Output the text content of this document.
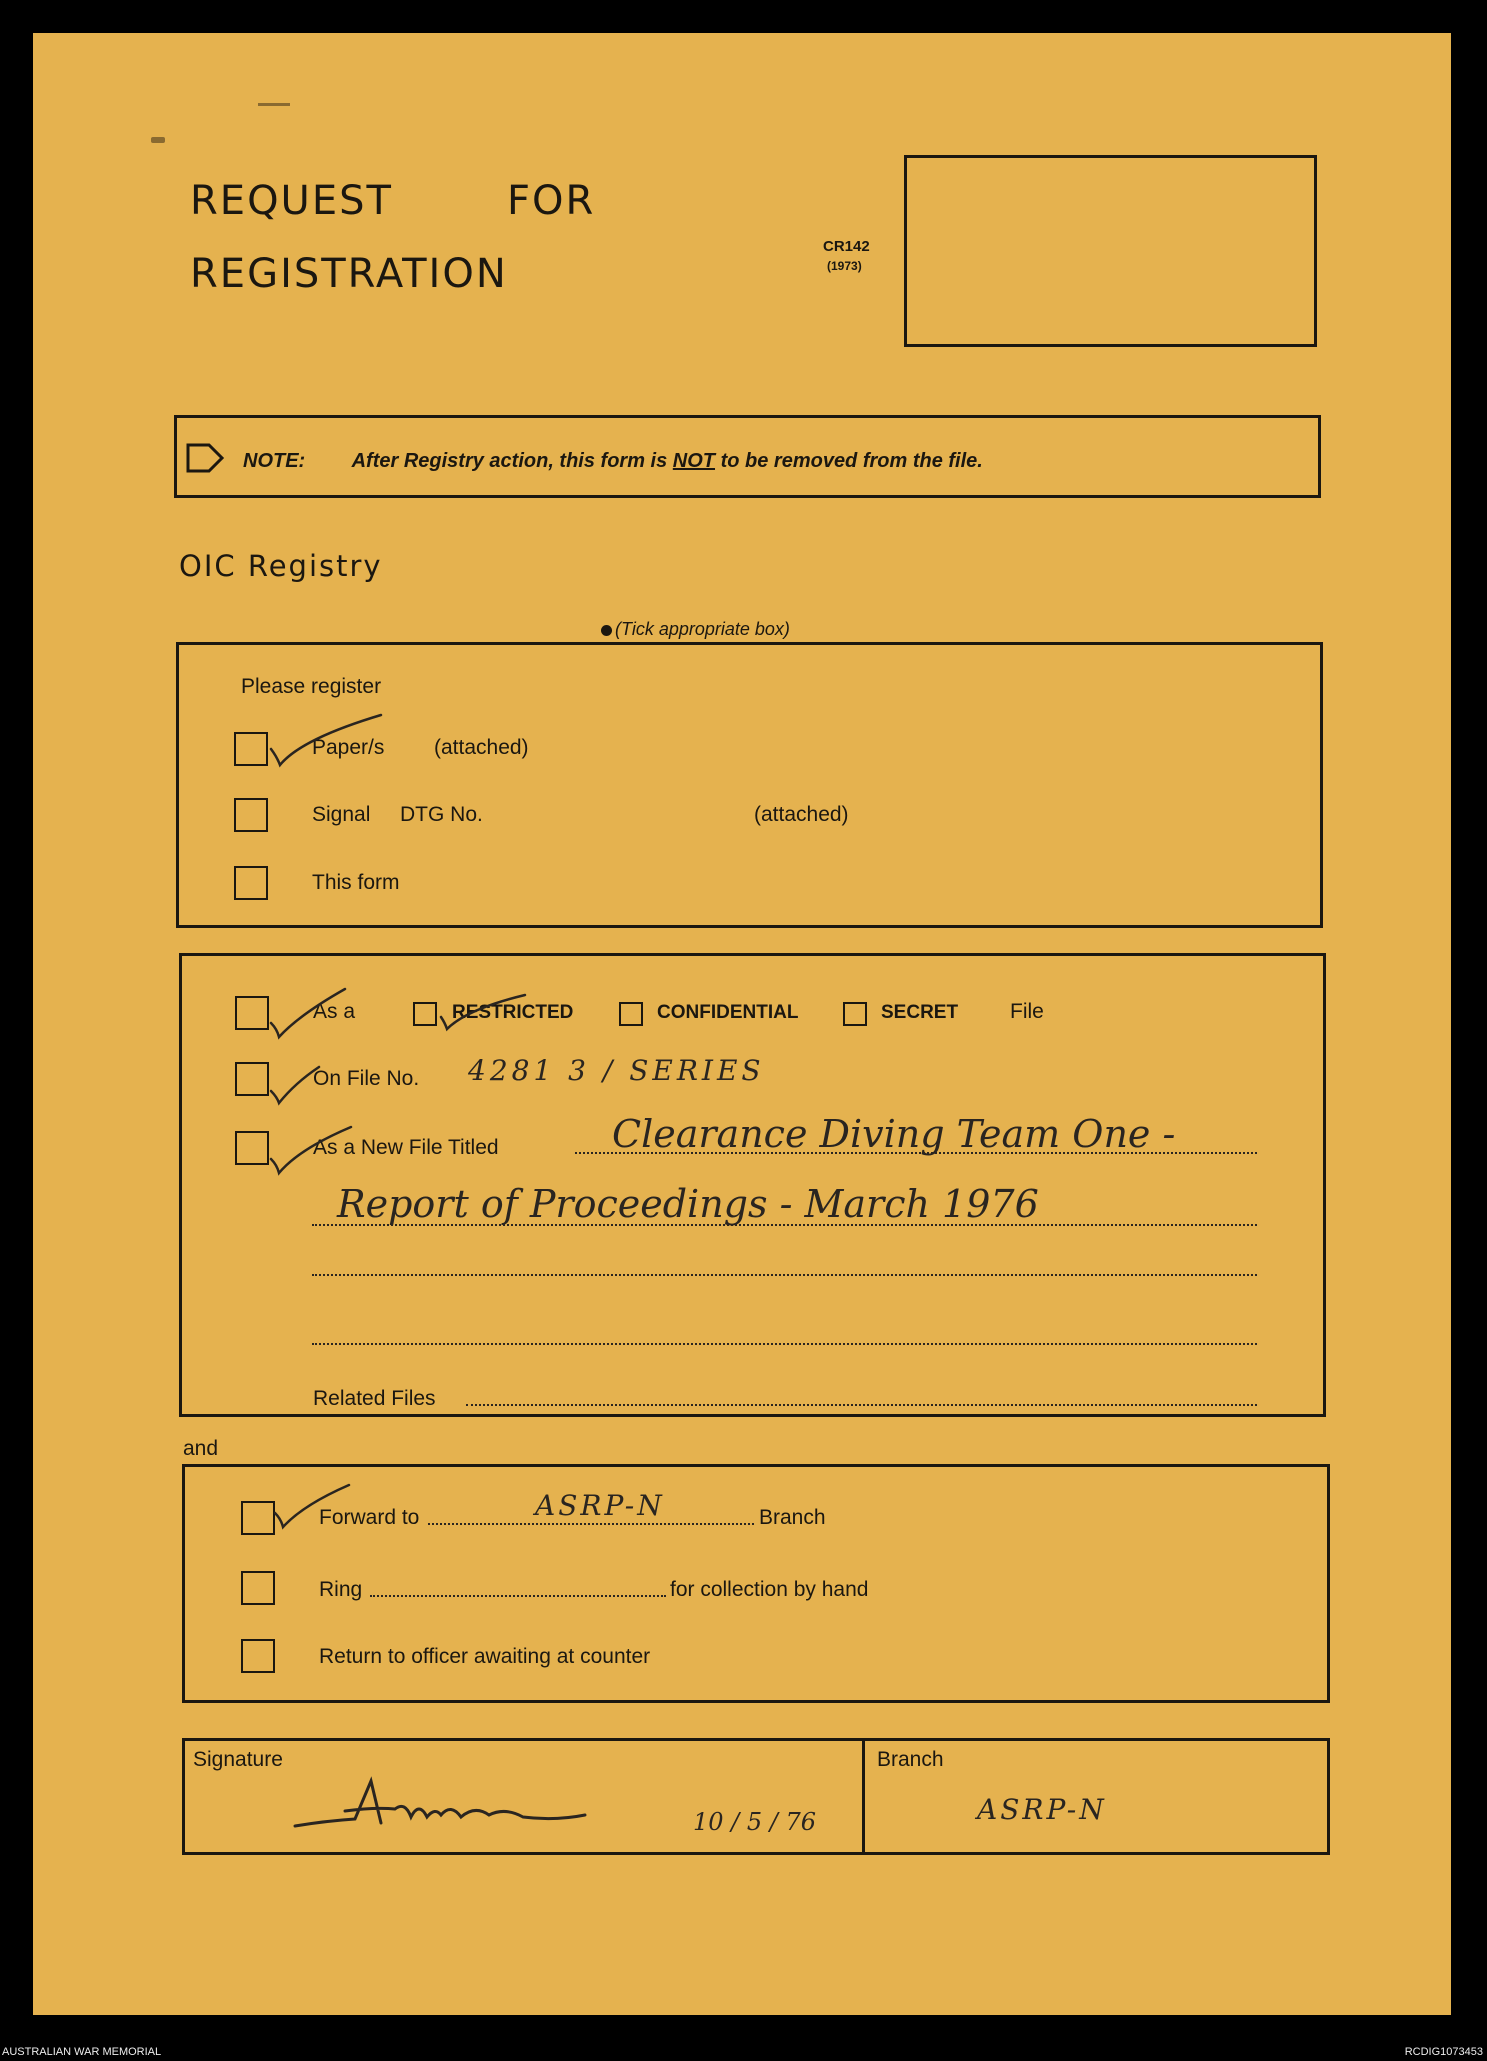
REQUEST	FOR
REGISTRATION
CR142
(1973)
NOTE: After Registry action, this form is NOT to be removed from the file.
OIC Registry
(Tick appropriate box)
Please register
Paper/s (attached)
Signal DTG No.	(attached)
This form
As a	RESTRICTED	CONFIDENTIAL	SECRET File
On File No. 4281 3 / SERIES
As a New File Titled	Clearance Diving Team One -
Report of Proceedings - March 1976
Related Files
and
Forward to	ASRP-N	Branch
Ring	for collection by hand
Return to officer awaiting at counter
Signature
10 / 5 / 76
Branch
ASRP-N
AUSTRALIAN WAR MEMORIAL	RCDIG1073453
